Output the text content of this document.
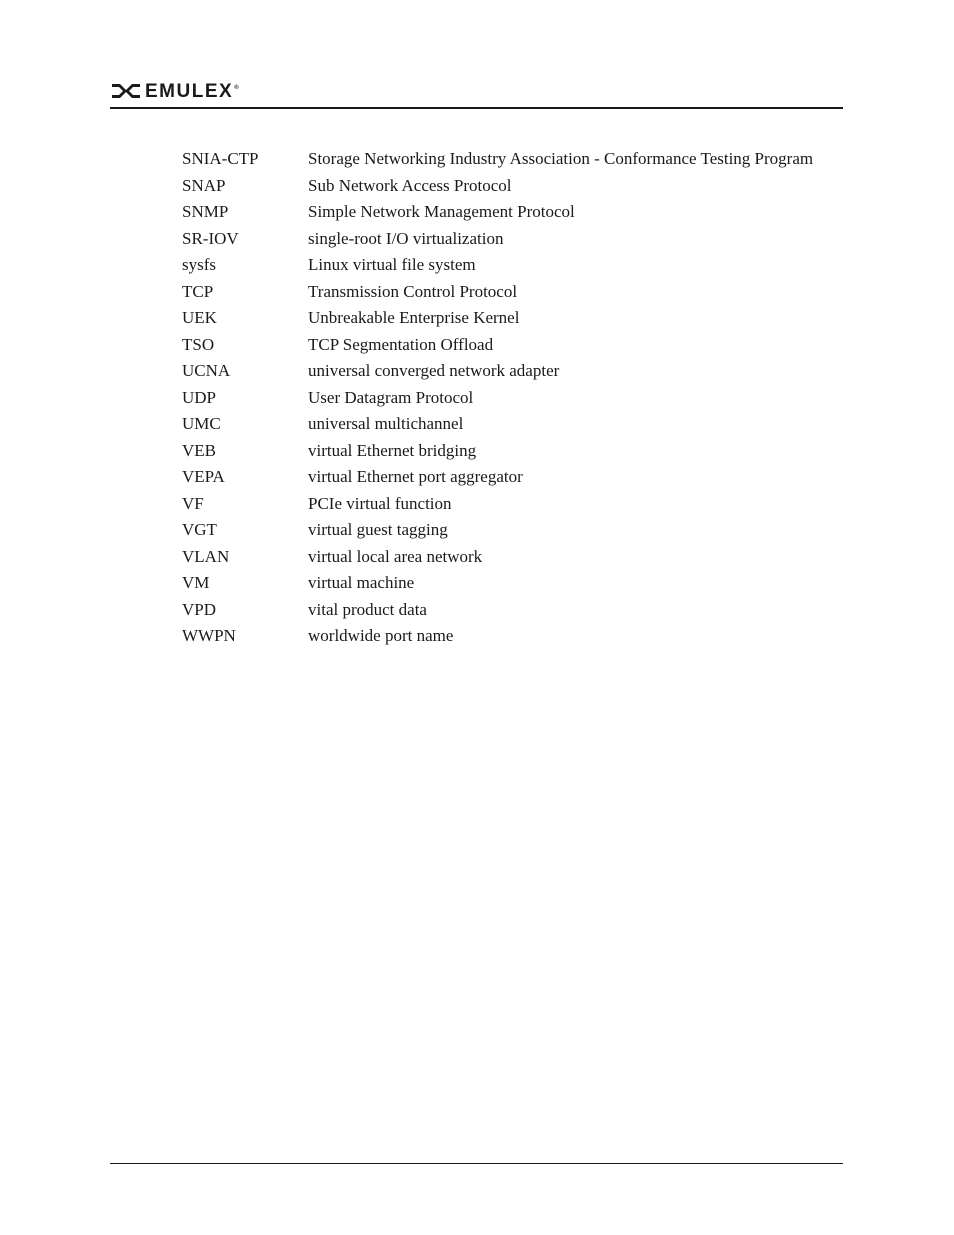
EMULEX®
SNIA-CTP	Storage Networking Industry Association - Conformance Testing Program
SNAP	Sub Network Access Protocol
SNMP	Simple Network Management Protocol
SR-IOV	single-root I/O virtualization
sysfs	Linux virtual file system
TCP	Transmission Control Protocol
UEK	Unbreakable Enterprise Kernel
TSO	TCP Segmentation Offload
UCNA	universal converged network adapter
UDP	User Datagram Protocol
UMC	universal multichannel
VEB	virtual Ethernet bridging
VEPA	virtual Ethernet port aggregator
VF	PCIe virtual function
VGT	virtual guest tagging
VLAN	virtual local area network
VM	virtual machine
VPD	vital product data
WWPN	worldwide port name
